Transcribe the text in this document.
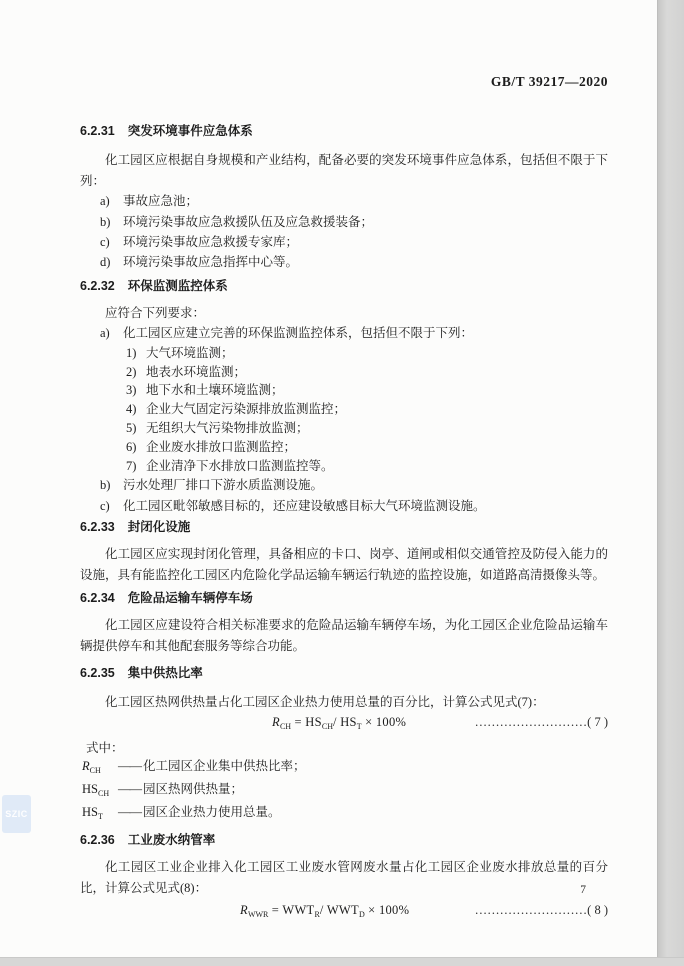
GB/T 39217—2020
6.2.31 突发环境事件应急体系
化工园区应根据自身规模和产业结构，配备必要的突发环境事件应急体系，包括但不限于下列：
a) 事故应急池；
b) 环境污染事故应急救援队伍及应急救援装备；
c) 环境污染事故应急救援专家库；
d) 环境污染事故应急指挥中心等。
6.2.32 环保监测监控体系
应符合下列要求：
a) 化工园区应建立完善的环保监测监控体系，包括但不限于下列：
1) 大气环境监测；
2) 地表水环境监测；
3) 地下水和土壤环境监测；
4) 企业大气固定污染源排放监测监控；
5) 无组织大气污染物排放监测；
6) 企业废水排放口监测监控；
7) 企业清净下水排放口监测监控等。
b) 污水处理厂排口下游水质监测设施。
c) 化工园区毗邻敏感目标的，还应建设敏感目标大气环境监测设施。
6.2.33 封闭化设施
化工园区应实现封闭化管理，具备相应的卡口、岗亭、道闸或相似交通管控及防侵入能力的设施，具有能监控化工园区内危险化学品运输车辆运行轨迹的监控设施，如道路高清摄像头等。
6.2.34 危险品运输车辆停车场
化工园区应建设符合相关标准要求的危险品运输车辆停车场，为化工园区企业危险品运输车辆提供停车和其他配套服务等综合功能。
6.2.35 集中供热比率
化工园区热网供热量占化工园区企业热力使用总量的百分比，计算公式见式(7)：
$R_{CH} = HS_{CH}/$ $HS_T \times 100\%$	………………………( 7 )
式中：
$R_{CH}$ —— 化工园区企业集中供热比率；
$HS_{CH}$ —— 园区热网供热量；
$HS_T$ —— 园区企业热力使用总量。
6.2.36 工业废水纳管率
化工园区工业企业排入化工园区工业废水管网废水量占化工园区企业废水排放总量的百分比，计算公式见式(8)：
$R_{WWR} = WWT_R/$ $WWT_D \times 100\%$	………………………( 8 )
7
SZIC
